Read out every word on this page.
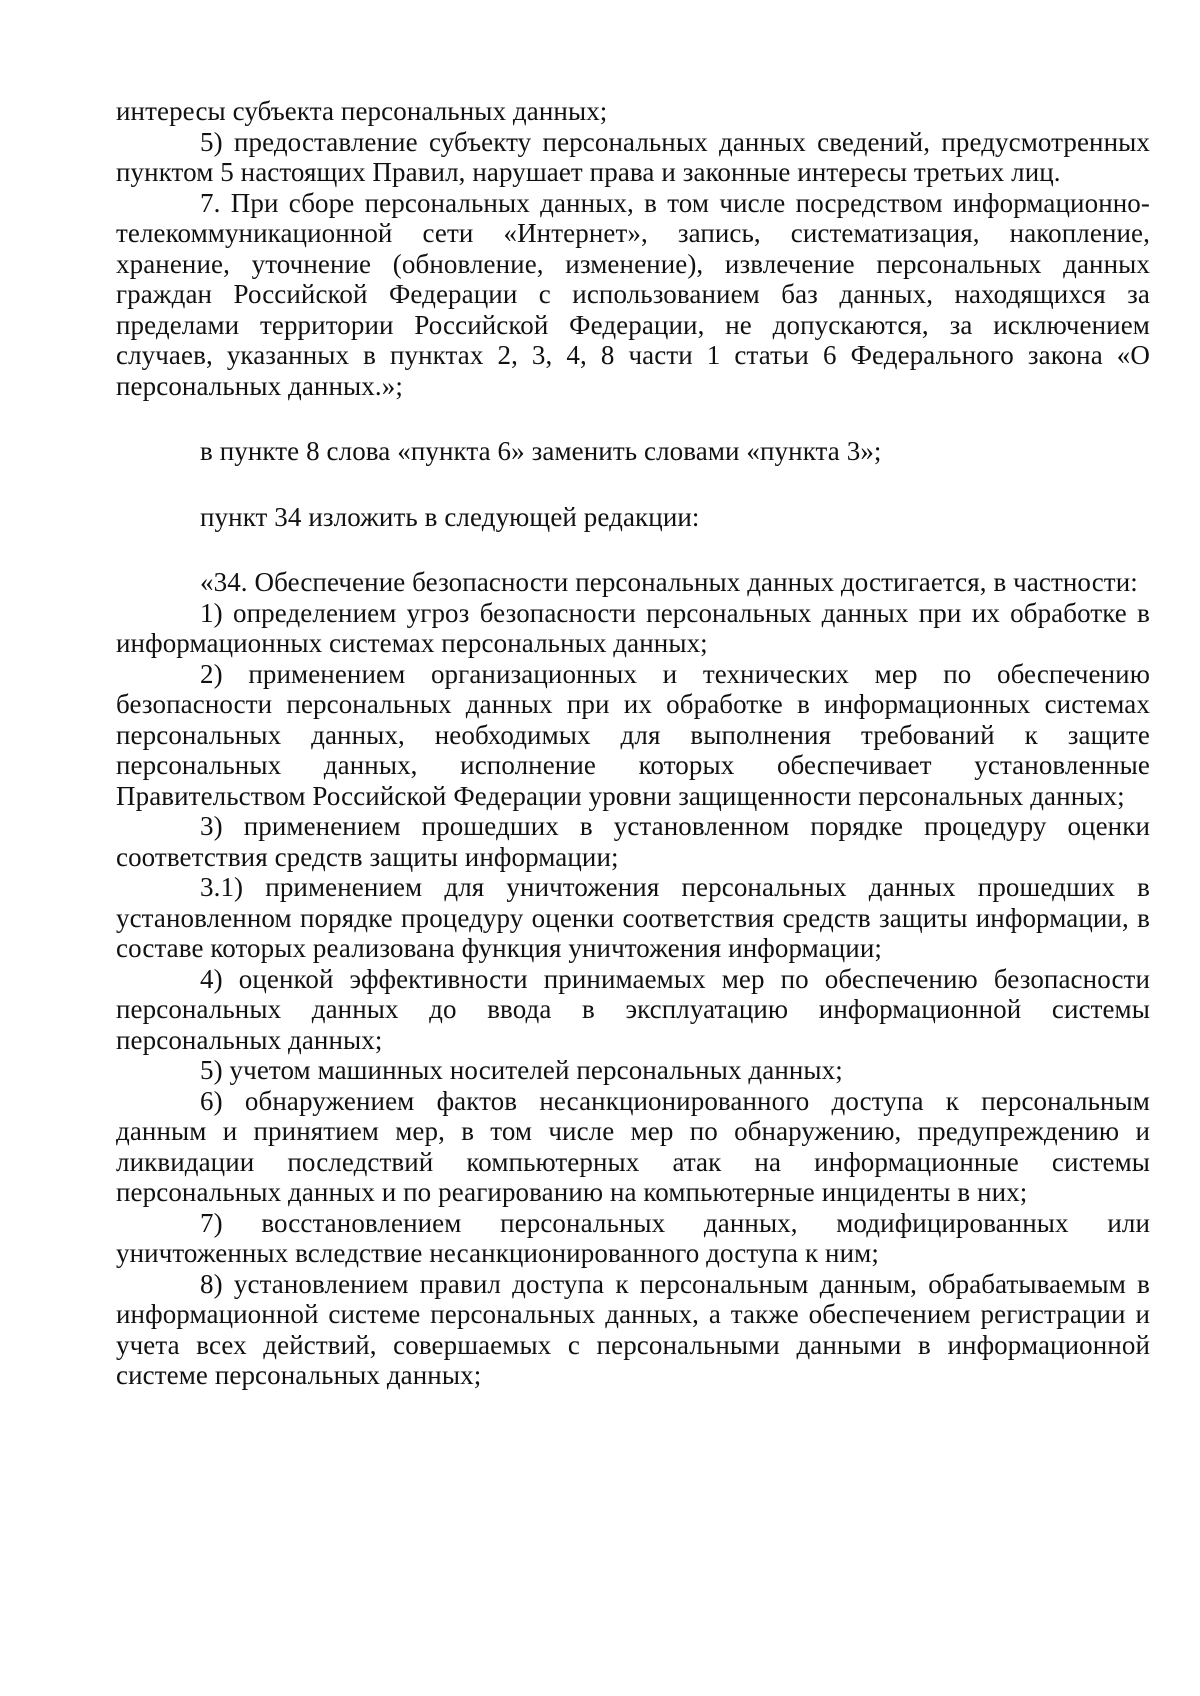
интересы субъекта персональных данных;

5) предоставление субъекту персональных данных сведений, предусмотренных пунктом 5 настоящих Правил, нарушает права и законные интересы третьих лиц.

7. При сборе персональных данных, в том числе посредством информационно-телекоммуникационной сети «Интернет», запись, систематизация, накопление, хранение, уточнение (обновление, изменение), извлечение персональных данных граждан Российской Федерации с использованием баз данных, находящихся за пределами территории Российской Федерации, не допускаются, за исключением случаев, указанных в пунктах 2, 3, 4, 8 части 1 статьи 6 Федерального закона «О персональных данных.»;

в пункте 8 слова «пункта 6» заменить словами «пункта 3»;

пункт 34 изложить в следующей редакции:

«34. Обеспечение безопасности персональных данных достигается, в частности:

1) определением угроз безопасности персональных данных при их обработке в информационных системах персональных данных;

2) применением организационных и технических мер по обеспечению безопасности персональных данных при их обработке в информационных системах персональных данных, необходимых для выполнения требований к защите персональных данных, исполнение которых обеспечивает установленные Правительством Российской Федерации уровни защищенности персональных данных;

3) применением прошедших в установленном порядке процедуру оценки соответствия средств защиты информации;

3.1) применением для уничтожения персональных данных прошедших в установленном порядке процедуру оценки соответствия средств защиты информации, в составе которых реализована функция уничтожения информации;

4) оценкой эффективности принимаемых мер по обеспечению безопасности персональных данных до ввода в эксплуатацию информационной системы персональных данных;

5) учетом машинных носителей персональных данных;

6) обнаружением фактов несанкционированного доступа к персональным данным и принятием мер, в том числе мер по обнаружению, предупреждению и ликвидации последствий компьютерных атак на информационные системы персональных данных и по реагированию на компьютерные инциденты в них;

7) восстановлением персональных данных, модифицированных или уничтоженных вследствие несанкционированного доступа к ним;

8) установлением правил доступа к персональным данным, обрабатываемым в информационной системе персональных данных, а также обеспечением регистрации и учета всех действий, совершаемых с персональными данными в информационной системе персональных данных;
